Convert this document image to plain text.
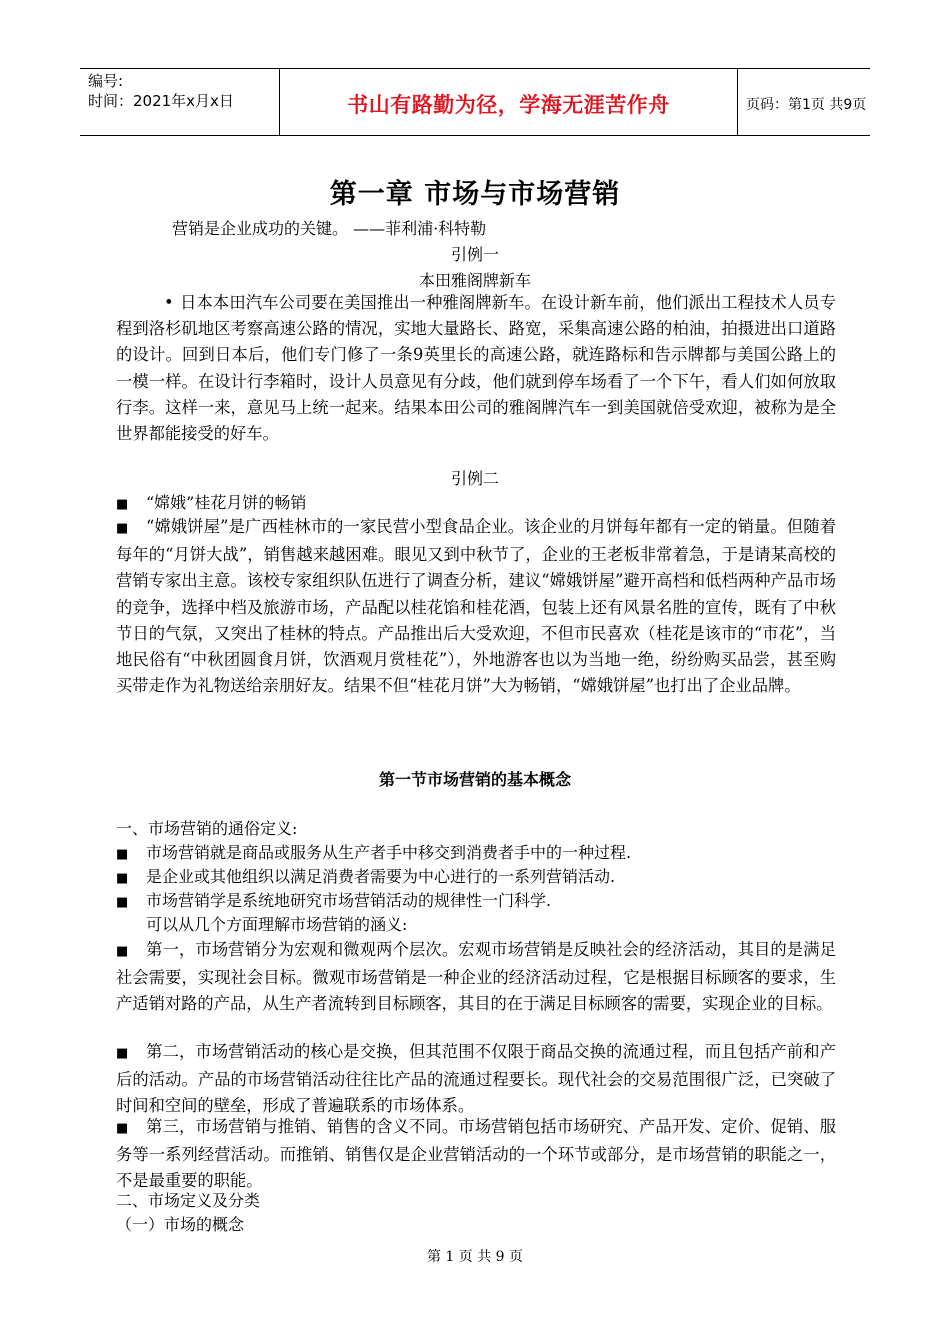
编号:
时间：2021年x月x日	书山有路勤为径，学海无涯苦作舟	页码：第1页 共9页
第一章 市场与市场营销
营销是企业成功的关键。 ——菲利浦·科特勒
引例一
本田雅阁牌新车
• 日本本田汽车公司要在美国推出一种雅阁牌新车。在设计新车前，他们派出工程技术人员专程到洛杉矶地区考察高速公路的情况，实地大量路长、路宽，采集高速公路的柏油，拍摄进出口道路的设计。回到日本后，他们专门修了一条9英里长的高速公路，就连路标和告示牌都与美国公路上的一模一样。在设计行李箱时，设计人员意见有分歧，他们就到停车场看了一个下午，看人们如何放取行李。这样一来，意见马上统一起来。结果本田公司的雅阁牌汽车一到美国就倍受欢迎，被称为是全世界都能接受的好车。
引例二
■ “嫦娥”桂花月饼的畅销
■ “嫦娥饼屋”是广西桂林市的一家民营小型食品企业。该企业的月饼每年都有一定的销量。但随着每年的“月饼大战”，销售越来越困难。眼见又到中秋节了，企业的王老板非常着急，于是请某高校的营销专家出主意。该校专家组织队伍进行了调查分析，建议“嫦娥饼屋”避开高档和低档两种产品市场的竞争，选择中档及旅游市场，产品配以桂花馅和桂花酒，包装上还有风景名胜的宣传，既有了中秋节日的气氛，又突出了桂林的特点。产品推出后大受欢迎，不但市民喜欢（桂花是该市的“市花”，当地民俗有“中秋团圆食月饼，饮酒观月赏桂花”），外地游客也以为当地一绝，纷纷购买品尝，甚至购买带走作为礼物送给亲朋好友。结果不但“桂花月饼”大为畅销，“嫦娥饼屋”也打出了企业品牌。
第一节市场营销的基本概念
一、市场营销的通俗定义:
■ 市场营销就是商品或服务从生产者手中移交到消费者手中的一种过程.
■ 是企业或其他组织以满足消费者需要为中心进行的一系列营销活动.
■ 市场营销学是系统地研究市场营销活动的规律性一门科学.
可以从几个方面理解市场营销的涵义:
■ 第一，市场营销分为宏观和微观两个层次。宏观市场营销是反映社会的经济活动，其目的是满足社会需要，实现社会目标。微观市场营销是一种企业的经济活动过程，它是根据目标顾客的要求，生产适销对路的产品，从生产者流转到目标顾客，其目的在于满足目标顾客的需要，实现企业的目标。
■ 第二，市场营销活动的核心是交换，但其范围不仅限于商品交换的流通过程，而且包括产前和产后的活动。产品的市场营销活动往往比产品的流通过程要长。现代社会的交易范围很广泛，已突破了时间和空间的壁垒，形成了普遍联系的市场体系。
■ 第三，市场营销与推销、销售的含义不同。市场营销包括市场研究、产品开发、定价、促销、服务等一系列经营活动。而推销、销售仅是企业营销活动的一个环节或部分，是市场营销的职能之一，不是最重要的职能。
二、市场定义及分类
（一）市场的概念
第 1 页 共 9 页
